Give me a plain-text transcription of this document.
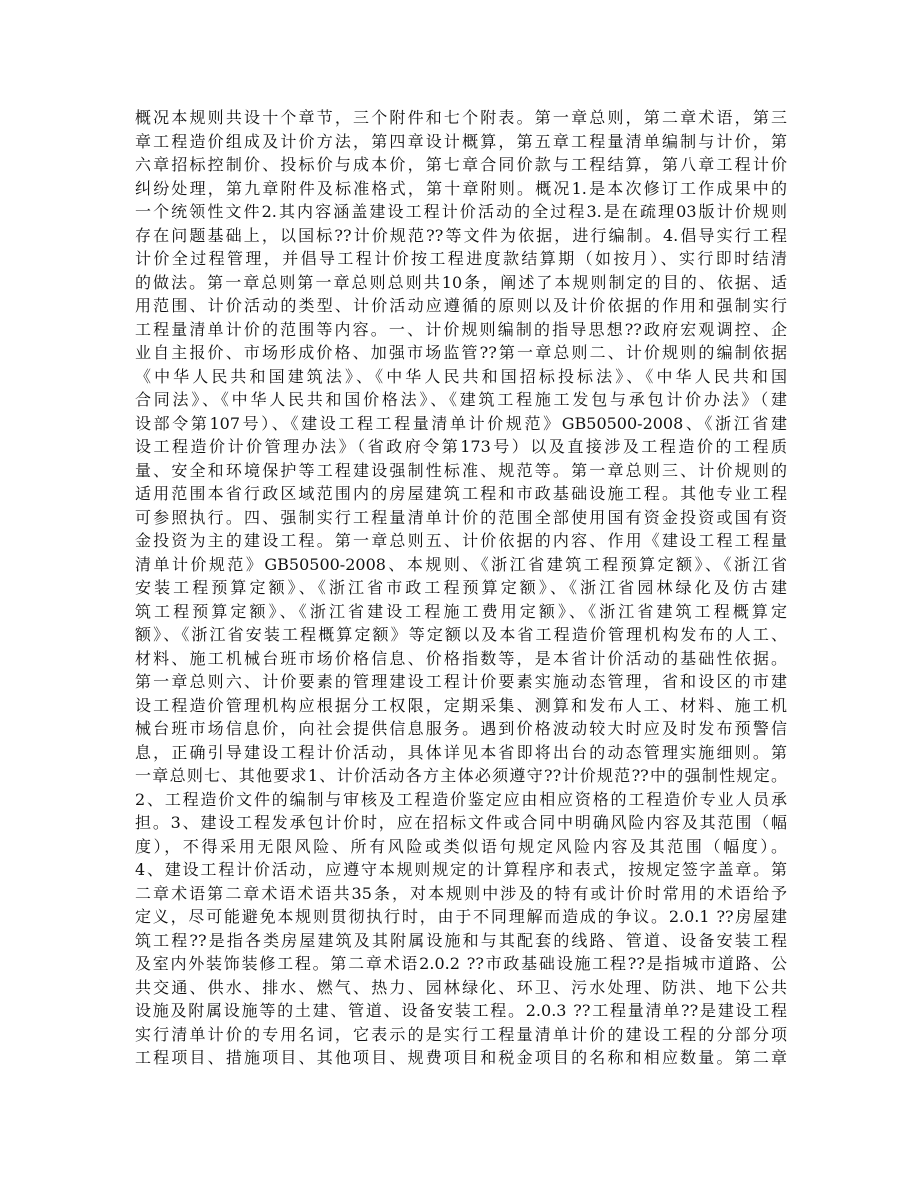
概况本规则共设十个章节，三个附件和七个附表。第一章总则，第二章术语，第三
章工程造价组成及计价方法，第四章设计概算，第五章工程量清单编制与计价，第
六章招标控制价、投标价与成本价，第七章合同价款与工程结算，第八章工程计价
纠纷处理，第九章附件及标准格式，第十章附则。概况1.是本次修订工作成果中的
一个统领性文件2.其内容涵盖建设工程计价活动的全过程3.是在疏理03版计价规则
存在问题基础上，以国标??计价规范??等文件为依据，进行编制。4.倡导实行工程
计价全过程管理，并倡导工程计价按工程进度款结算期（如按月）、实行即时结清
的做法。第一章总则第一章总则总则共10条，阐述了本规则制定的目的、依据、适
用范围、计价活动的类型、计价活动应遵循的原则以及计价依据的作用和强制实行
工程量清单计价的范围等内容。一、计价规则编制的指导思想??政府宏观调控、企
业自主报价、市场形成价格、加强市场监管??第一章总则二、计价规则的编制依据
《中华人民共和国建筑法》、《中华人民共和国招标投标法》、《中华人民共和国
合同法》、《中华人民共和国价格法》、《建筑工程施工发包与承包计价办法》（建
设部令第107号）、《建设工程工程量清单计价规范》GB50500-2008、《浙江省建
设工程造价计价管理办法》（省政府令第173号）以及直接涉及工程造价的工程质
量、安全和环境保护等工程建设强制性标准、规范等。第一章总则三、计价规则的
适用范围本省行政区域范围内的房屋建筑工程和市政基础设施工程。其他专业工程
可参照执行。四、强制实行工程量清单计价的范围全部使用国有资金投资或国有资
金投资为主的建设工程。第一章总则五、计价依据的内容、作用《建设工程工程量
清单计价规范》GB50500-2008、本规则、《浙江省建筑工程预算定额》、《浙江省
安装工程预算定额》、《浙江省市政工程预算定额》、《浙江省园林绿化及仿古建
筑工程预算定额》、《浙江省建设工程施工费用定额》、《浙江省建筑工程概算定
额》、《浙江省安装工程概算定额》等定额以及本省工程造价管理机构发布的人工、
材料、施工机械台班市场价格信息、价格指数等，是本省计价活动的基础性依据。
第一章总则六、计价要素的管理建设工程计价要素实施动态管理，省和设区的市建
设工程造价管理机构应根据分工权限，定期采集、测算和发布人工、材料、施工机
械台班市场信息价，向社会提供信息服务。遇到价格波动较大时应及时发布预警信
息，正确引导建设工程计价活动，具体详见本省即将出台的动态管理实施细则。第
一章总则七、其他要求1、计价活动各方主体必须遵守??计价规范??中的强制性规定。
2、工程造价文件的编制与审核及工程造价鉴定应由相应资格的工程造价专业人员承
担。3、建设工程发承包计价时，应在招标文件或合同中明确风险内容及其范围（幅
度），不得采用无限风险、所有风险或类似语句规定风险内容及其范围（幅度）。
4、建设工程计价活动，应遵守本规则规定的计算程序和表式，按规定签字盖章。第
二章术语第二章术语术语共35条，对本规则中涉及的特有或计价时常用的术语给予
定义，尽可能避免本规则贯彻执行时，由于不同理解而造成的争议。2.0.1 ??房屋建
筑工程??是指各类房屋建筑及其附属设施和与其配套的线路、管道、设备安装工程
及室内外装饰装修工程。第二章术语2.0.2 ??市政基础设施工程??是指城市道路、公
共交通、供水、排水、燃气、热力、园林绿化、环卫、污水处理、防洪、地下公共
设施及附属设施等的土建、管道、设备安装工程。2.0.3 ??工程量清单??是建设工程
实行清单计价的专用名词，它表示的是实行工程量清单计价的建设工程的分部分项
工程项目、措施项目、其他项目、规费项目和税金项目的名称和相应数量。第二章
